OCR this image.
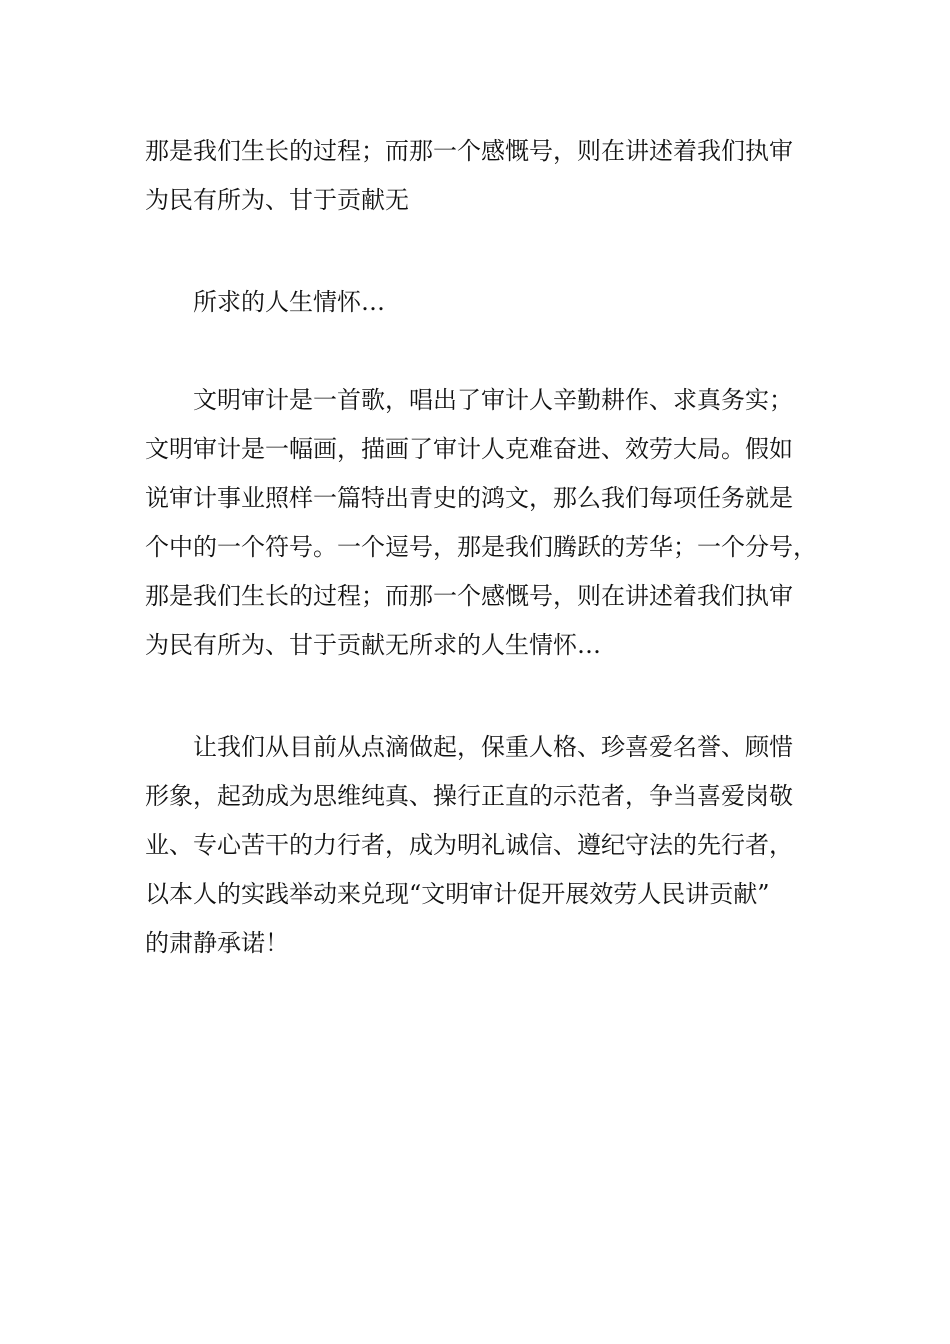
那是我们生长的过程；而那一个感慨号，则在讲述着我们执审
为民有所为、甘于贡献无
所求的人生情怀…
文明审计是一首歌，唱出了审计人辛勤耕作、求真务实；
文明审计是一幅画，描画了审计人克难奋进、效劳大局。假如
说审计事业照样一篇特出青史的鸿文，那么我们每项任务就是
个中的一个符号。一个逗号，那是我们腾跃的芳华；一个分号，
那是我们生长的过程；而那一个感慨号，则在讲述着我们执审
为民有所为、甘于贡献无所求的人生情怀…
让我们从目前从点滴做起，保重人格、珍喜爱名誉、顾惜
形象，起劲成为思维纯真、操行正直的示范者，争当喜爱岗敬
业、专心苦干的力行者，成为明礼诚信、遵纪守法的先行者，
以本人的实践举动来兑现“文明审计促开展效劳人民讲贡献”
的肃静承诺！
